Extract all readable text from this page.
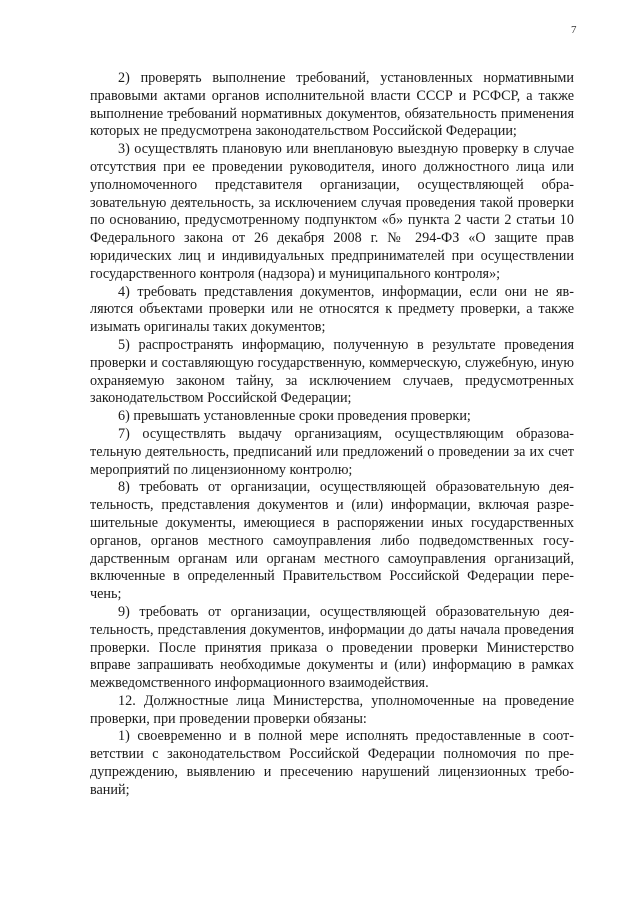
7

2) проверять выполнение требований, установленных нормативными правовыми актами органов исполнительной власти СССР и РСФСР, а также выполнение требований нормативных документов, обязательность применения которых не предусмотрена законодательством Российской Федерации;

3) осуществлять плановую или внеплановую выездную проверку в случае отсутствия при ее проведении руководителя, иного должностного лица или уполномоченного представителя организации, осуществляющей образовательную деятельность, за исключением случая проведения такой проверки по основанию, предусмотренному подпунктом «б» пункта 2 части 2 статьи 10 Федерального закона от 26 декабря 2008 г. № 294-ФЗ «О защите прав юридических лиц и индивидуальных предпринимателей при осуществлении государственного контроля (надзора) и муниципального контроля»;

4) требовать представления документов, информации, если они не являются объектами проверки или не относятся к предмету проверки, а также изымать оригиналы таких документов;

5) распространять информацию, полученную в результате проведения проверки и составляющую государственную, коммерческую, служебную, иную охраняемую законом тайну, за исключением случаев, предусмотренных законодательством Российской Федерации;

6) превышать установленные сроки проведения проверки;

7) осуществлять выдачу организациям, осуществляющим образовательную деятельность, предписаний или предложений о проведении за их счет мероприятий по лицензионному контролю;

8) требовать от организации, осуществляющей образовательную деятельность, представления документов и (или) информации, включая разрешительные документы, имеющиеся в распоряжении иных государственных органов, органов местного самоуправления либо подведомственных государственным органам или органам местного самоуправления организаций, включенные в определенный Правительством Российской Федерации перечень;

9) требовать от организации, осуществляющей образовательную деятельность, представления документов, информации до даты начала проведения проверки. После принятия приказа о проведении проверки Министерство вправе запрашивать необходимые документы и (или) информацию в рамках межведомственного информационного взаимодействия.

12. Должностные лица Министерства, уполномоченные на проведение проверки, при проведении проверки обязаны:

1) своевременно и в полной мере исполнять предоставленные в соответствии с законодательством Российской Федерации полномочия по предупреждению, выявлению и пресечению нарушений лицензионных требований;
